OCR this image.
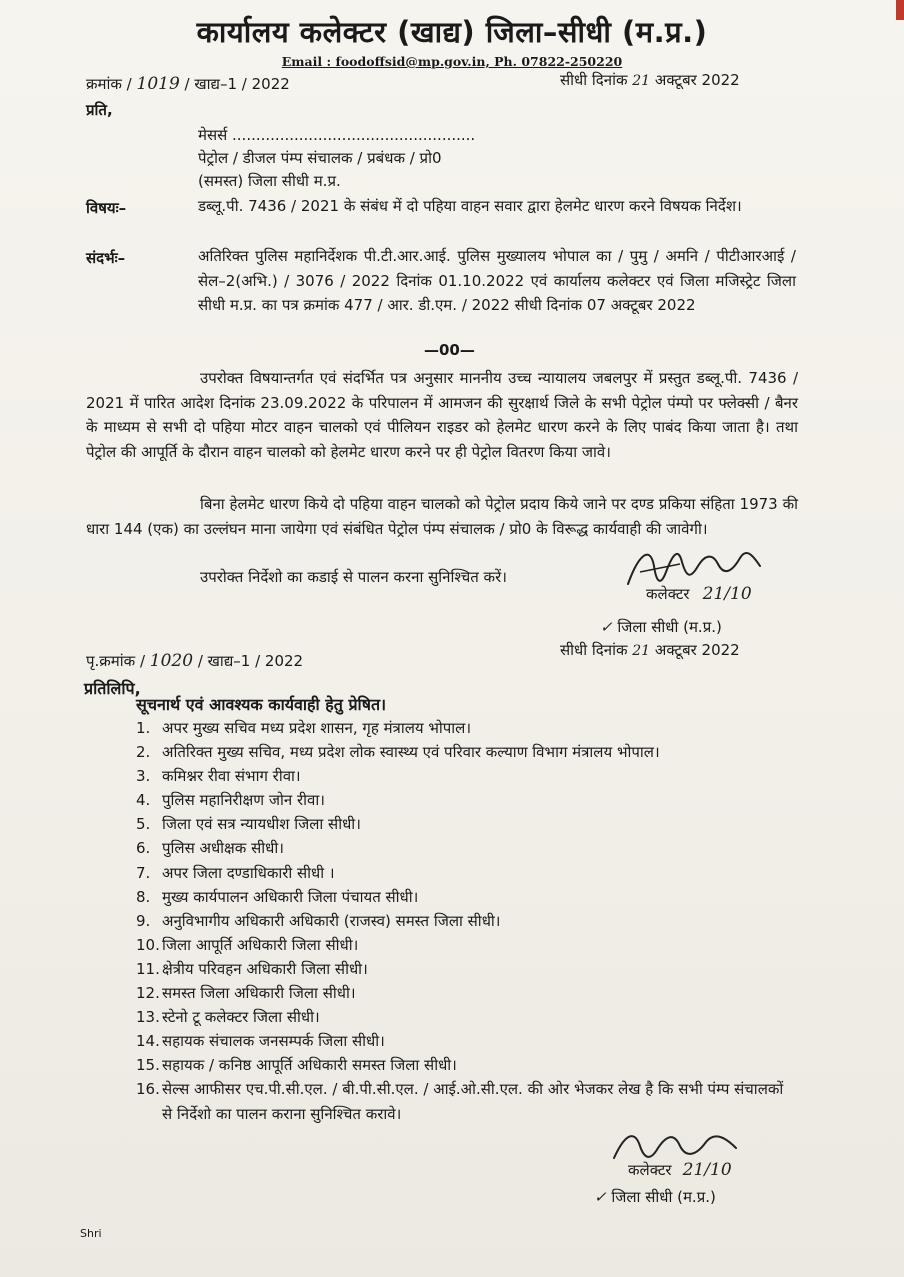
कार्यालय कलेक्टर (खाद्य) जिला–सीधी (म.प्र.)
Email : foodoffsid@mp.gov.in, Ph. 07822-250220
क्रमांक / 1019 / खाद्य–1 / 2022	सीधी दिनांक 21 अक्टूबर 2022
प्रति,
मेसर्स ...................................................
पेट्रोल / डीजल पंम्प संचालक / प्रबंधक / प्रो0
(समस्त) जिला सीधी म.प्र.
विषयः–	डब्लू.पी. 7436 / 2021 के संबंध में दो पहिया वाहन सवार द्वारा हेलमेट धारण करने विषयक निर्देश।
संदर्भः–	अतिरिक्त पुलिस महानिर्देशक पी.टी.आर.आई. पुलिस मुख्यालय भोपाल का / पुमु / अमनि / पीटीआरआई / सेल–2(अभि.) / 3076 / 2022 दिनांक 01.10.2022 एवं कार्यालय कलेक्टर एवं जिला मजिस्ट्रेट जिला सीधी म.प्र. का पत्र क्रमांक 477 / आर. डी.एम. / 2022 सीधी दिनांक 07 अक्टूबर 2022
—00—
उपरोक्त विषयान्तर्गत एवं संदर्भित पत्र अनुसार माननीय उच्च न्यायालय जबलपुर में प्रस्तुत डब्लू.पी. 7436 / 2021 में पारित आदेश दिनांक 23.09.2022 के परिपालन में आमजन की सुरक्षार्थ जिले के सभी पेट्रोल पंम्पो पर फ्लेक्सी / बैनर के माध्यम से सभी दो पहिया मोटर वाहन चालको एवं पीलियन राइडर को हेलमेट धारण करने के लिए पाबंद किया जाता है। तथा पेट्रोल की आपूर्ति के दौरान वाहन चालको को हेलमेट धारण करने पर ही पेट्रोल वितरण किया जावे।
बिना हेलमेट धारण किये दो पहिया वाहन चालको को पेट्रोल प्रदाय किये जाने पर दण्ड प्रकिया संहिता 1973 की धारा 144 (एक) का उल्लंघन माना जायेगा एवं संबंधित पेट्रोल पंम्प संचालक / प्रो0 के विरूद्ध कार्यवाही की जावेगी।
उपरोक्त निर्देशो का कडाई से पालन करना सुनिश्चित करें।
कलेक्टर 21/10
✓ जिला सीधी (म.प्र.)
पृ.क्रमांक / 1020 / खाद्य–1 / 2022
सीधी दिनांक 21 अक्टूबर 2022
प्रतिलिपि,
सूचनार्थ एवं आवश्यक कार्यवाही हेतु प्रेषित।
1. अपर मुख्य सचिव मध्य प्रदेश शासन, गृह मंत्रालय भोपाल।
2. अतिरिक्त मुख्य सचिव, मध्य प्रदेश लोक स्वास्थ्य एवं परिवार कल्याण विभाग मंत्रालय भोपाल।
3. कमिश्नर रीवा संभाग रीवा।
4. पुलिस महानिरीक्षण जोन रीवा।
5. जिला एवं सत्र न्यायधीश जिला सीधी।
6. पुलिस अधीक्षक सीधी।
7. अपर जिला दण्डाधिकारी सीधी ।
8. मुख्य कार्यपालन अधिकारी जिला पंचायत सीधी।
9. अनुविभागीय अधिकारी अधिकारी (राजस्व) समस्त जिला सीधी।
10. जिला आपूर्ति अधिकारी जिला सीधी।
11. क्षेत्रीय परिवहन अधिकारी जिला सीधी।
12. समस्त जिला अधिकारी जिला सीधी।
13. स्टेनो टू कलेक्टर जिला सीधी।
14. सहायक संचालक जनसम्पर्क जिला सीधी।
15. सहायक / कनिष्ठ आपूर्ति अधिकारी समस्त जिला सीधी।
16. सेल्स आफीसर एच.पी.सी.एल. / बी.पी.सी.एल. / आई.ओ.सी.एल. की ओर भेजकर लेख है कि सभी पंम्प संचालकों से निर्देशो का पालन कराना सुनिश्चित करावे।
कलेक्टर 21/10
✓ जिला सीधी (म.प्र.)
Shri
